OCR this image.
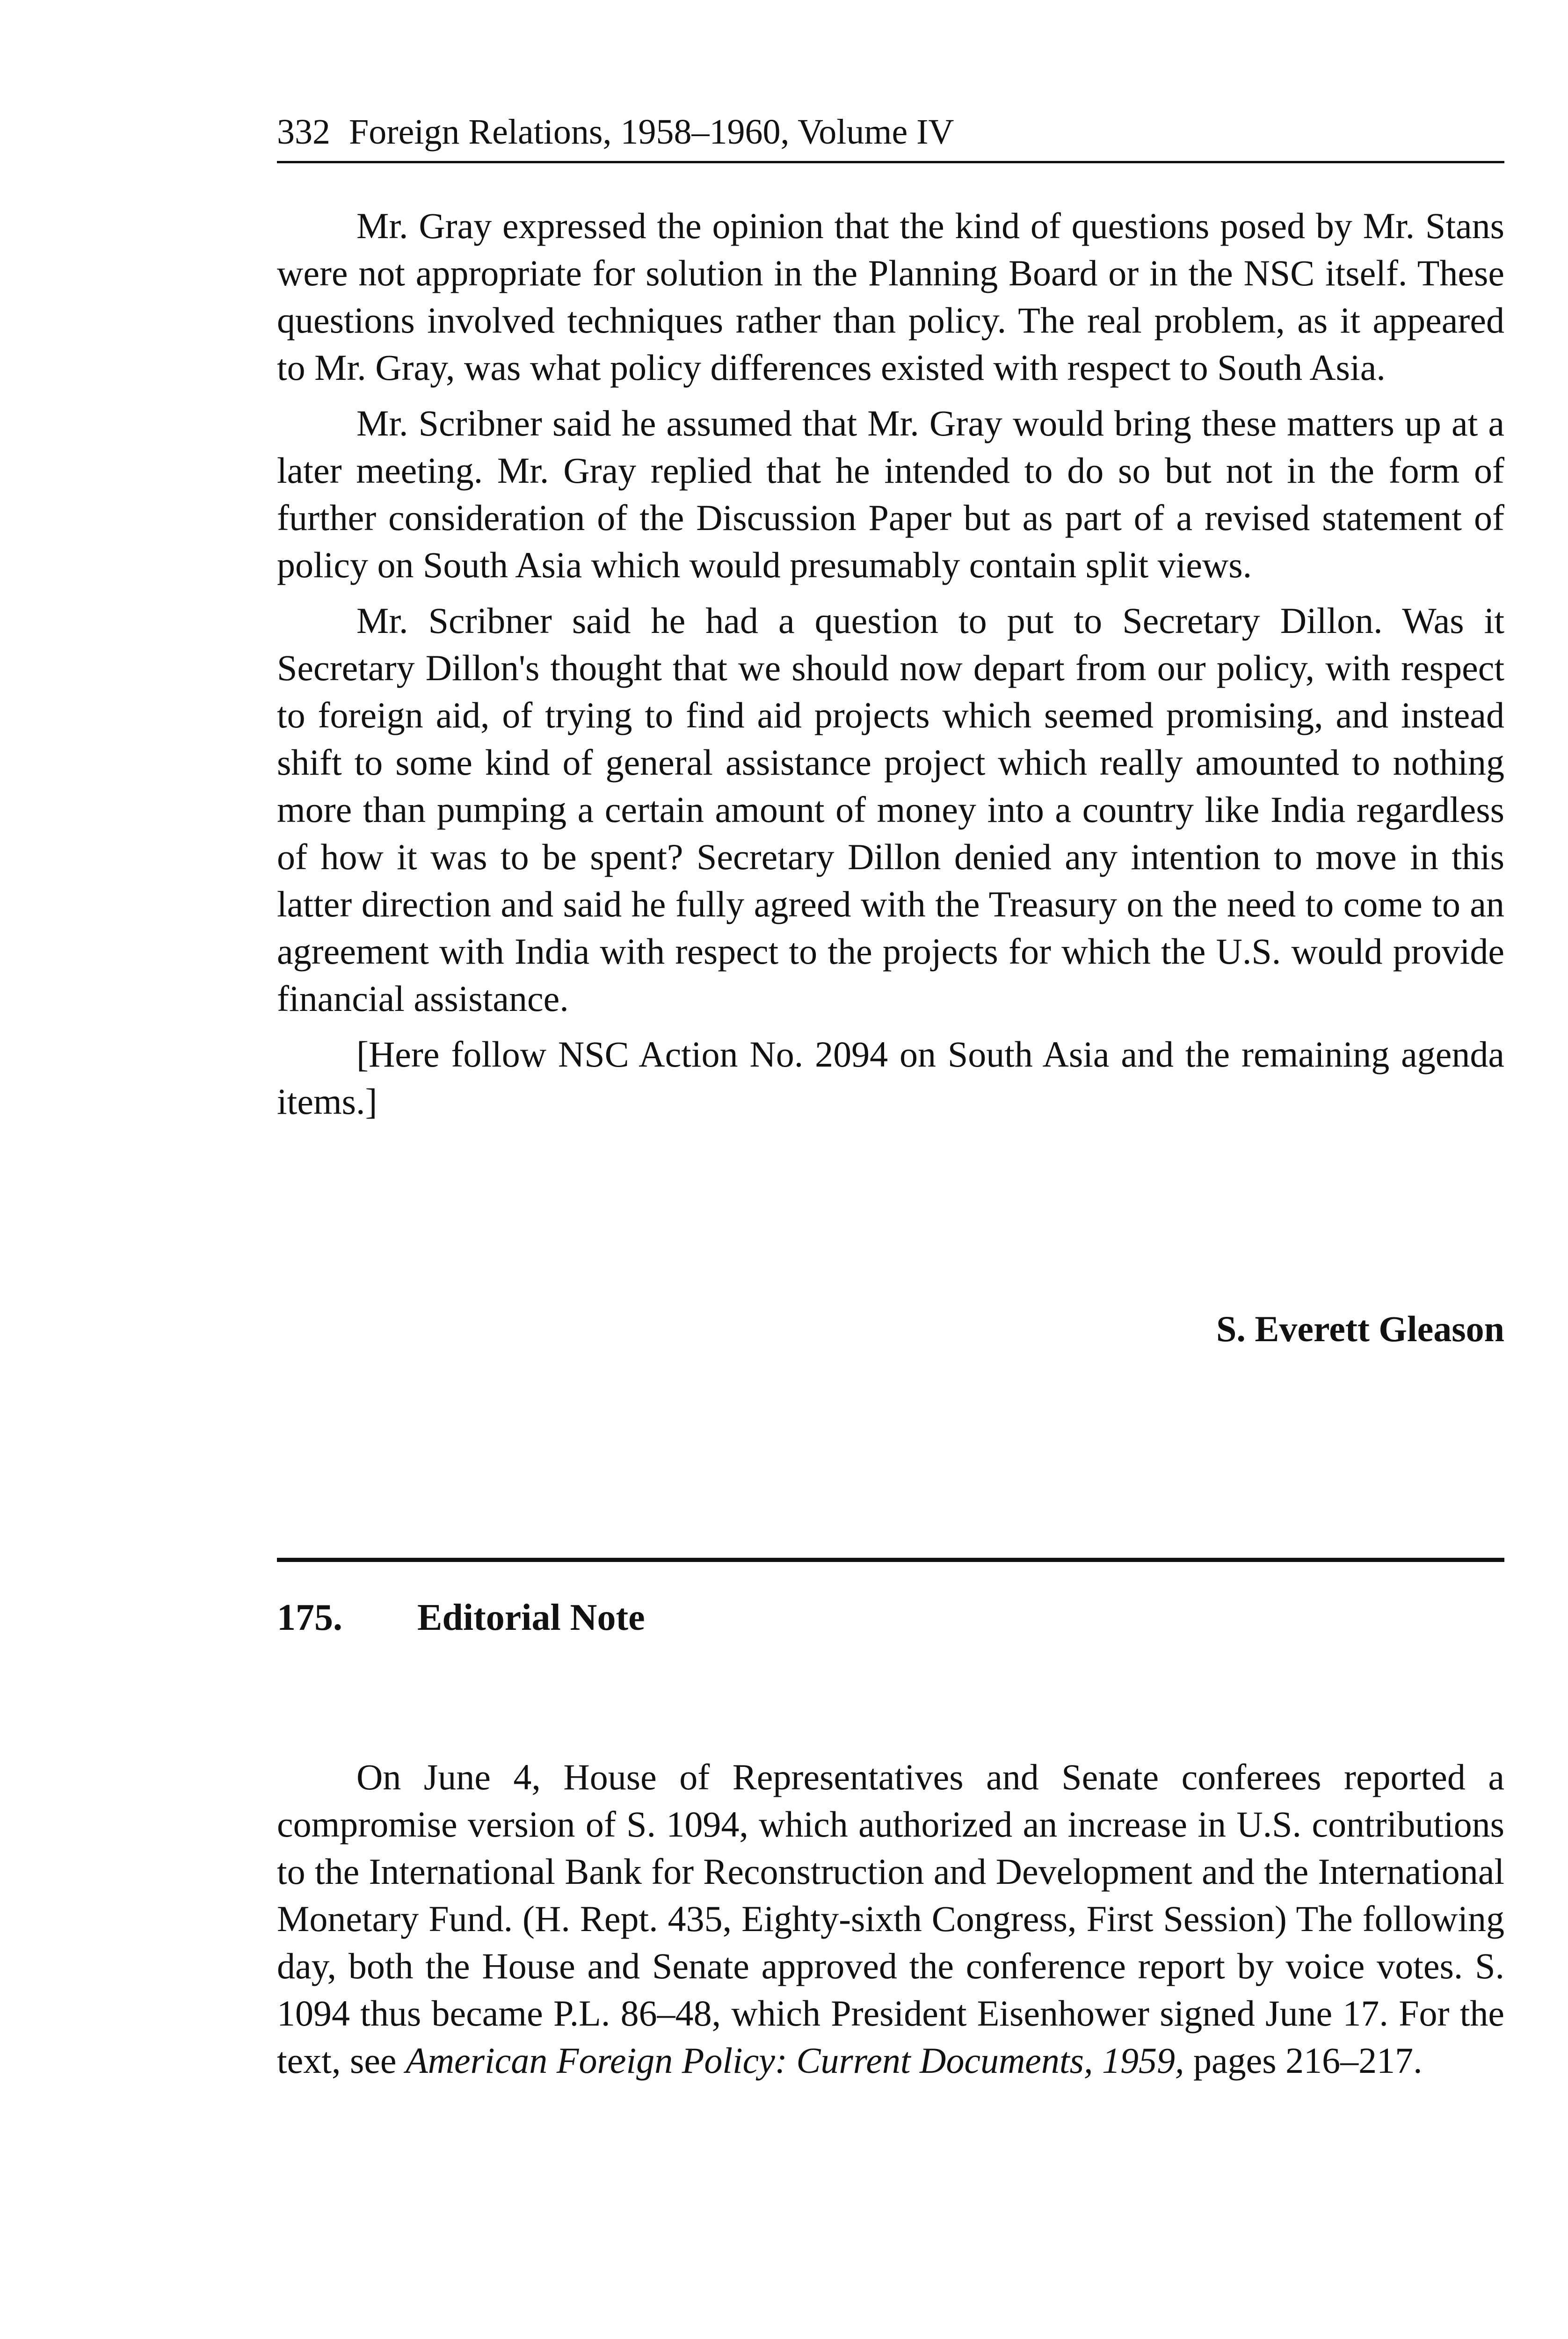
332 Foreign Relations, 1958–1960, Volume IV

Mr. Gray expressed the opinion that the kind of questions posed by Mr. Stans were not appropriate for solution in the Planning Board or in the NSC itself. These questions involved techniques rather than policy. The real problem, as it appeared to Mr. Gray, was what policy differences existed with respect to South Asia.

Mr. Scribner said he assumed that Mr. Gray would bring these matters up at a later meeting. Mr. Gray replied that he intended to do so but not in the form of further consideration of the Discussion Paper but as part of a revised statement of policy on South Asia which would presumably contain split views.

Mr. Scribner said he had a question to put to Secretary Dillon. Was it Secretary Dillon's thought that we should now depart from our policy, with respect to foreign aid, of trying to find aid projects which seemed promising, and instead shift to some kind of general assistance project which really amounted to nothing more than pumping a certain amount of money into a country like India regardless of how it was to be spent? Secretary Dillon denied any intention to move in this latter direction and said he fully agreed with the Treasury on the need to come to an agreement with India with respect to the projects for which the U.S. would provide financial assistance.

[Here follow NSC Action No. 2094 on South Asia and the remaining agenda items.]

S. Everett Gleason
175. Editorial Note

On June 4, House of Representatives and Senate conferees reported a compromise version of S. 1094, which authorized an increase in U.S. contributions to the International Bank for Reconstruction and Development and the International Monetary Fund. (H. Rept. 435, Eighty-sixth Congress, First Session) The following day, both the House and Senate approved the conference report by voice votes. S. 1094 thus became P.L. 86–48, which President Eisenhower signed June 17. For the text, see American Foreign Policy: Current Documents, 1959, pages 216–217.
